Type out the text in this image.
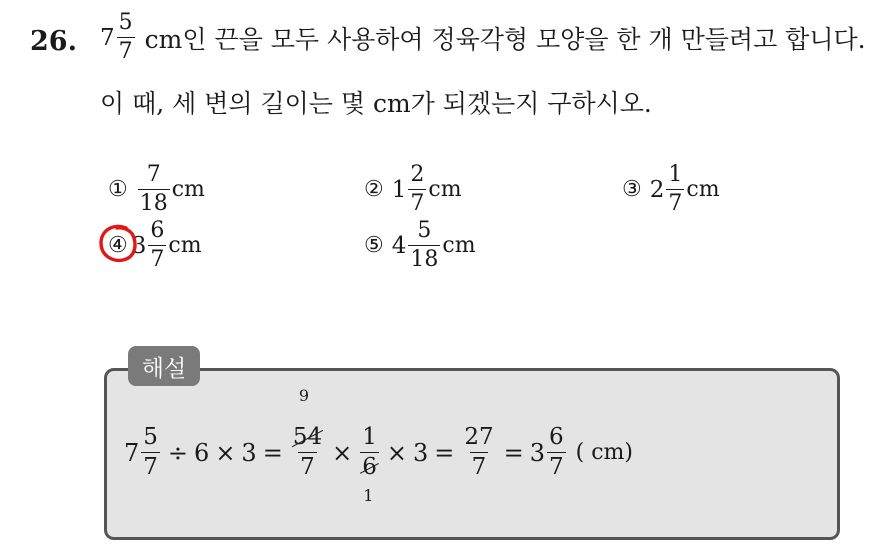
26. $7 \frac{5}{7}$ cm인 끈을 모두 사용하여 정육각형 모양을 한 개 만들려고 합니다.
이 때, 세 변의 길이는 몇 cm가 되겠는지 구하시오.
① $\frac{7}{18}$ cm	② $1 \frac{2}{7}$ cm	③ $2 \frac{1}{7}$ cm
④ $3 \frac{6}{7}$ cm	⑤ $4 \frac{5}{18}$ cm
해설
$7 \frac{5}{7} \div 6 \times 3$ =
9
$\frac{54}{7} \times \frac{1}{6}$
1
× $3 = \frac{27}{7} = 3 \frac{6}{7}$ ( cm)
